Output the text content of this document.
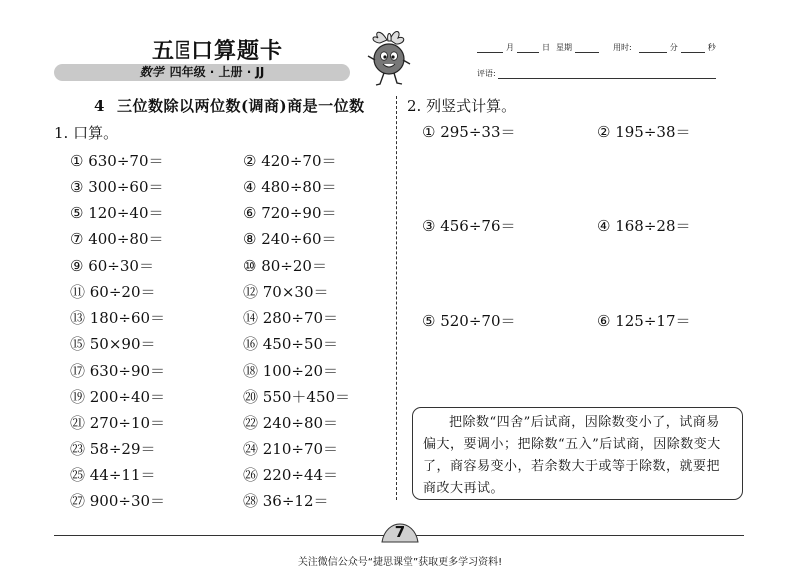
五E口算题卡
数学 四年级 · 上册 · JJ
月	日 星期	用时:	分	秒
评语:
4 三位数除以两位数(调商)商是一位数
1. 口算。
① 630÷70＝	② 420÷70＝
③ 300÷60＝	④ 480÷80＝
⑤ 120÷40＝	⑥ 720÷90＝
⑦ 400÷80＝	⑧ 240÷60＝
⑨ 60÷30＝	⑩ 80÷20＝
⑪ 60÷20＝	⑫ 70×30＝
⑬ 180÷60＝	⑭ 280÷70＝
⑮ 50×90＝	⑯ 450÷50＝
⑰ 630÷90＝	⑱ 100÷20＝
⑲ 200÷40＝	⑳ 550＋450＝
㉑ 270÷10＝	㉒ 240÷80＝
㉓ 58÷29＝	㉔ 210÷70＝
㉕ 44÷11＝	㉖ 220÷44＝
㉗ 900÷30＝	㉘ 36÷12＝
2. 列竖式计算。
① 295÷33＝	② 195÷38＝
③ 456÷76＝	④ 168÷28＝
⑤ 520÷70＝	⑥ 125÷17＝
把除数“四舍”后试商，因除数变小了，试商易偏大，要调小；把除数“五入”后试商，因除数变大了，商容易变小，若余数大于或等于除数，就要把商改大再试。
7
关注微信公众号“捷思课堂”获取更多学习资料!
